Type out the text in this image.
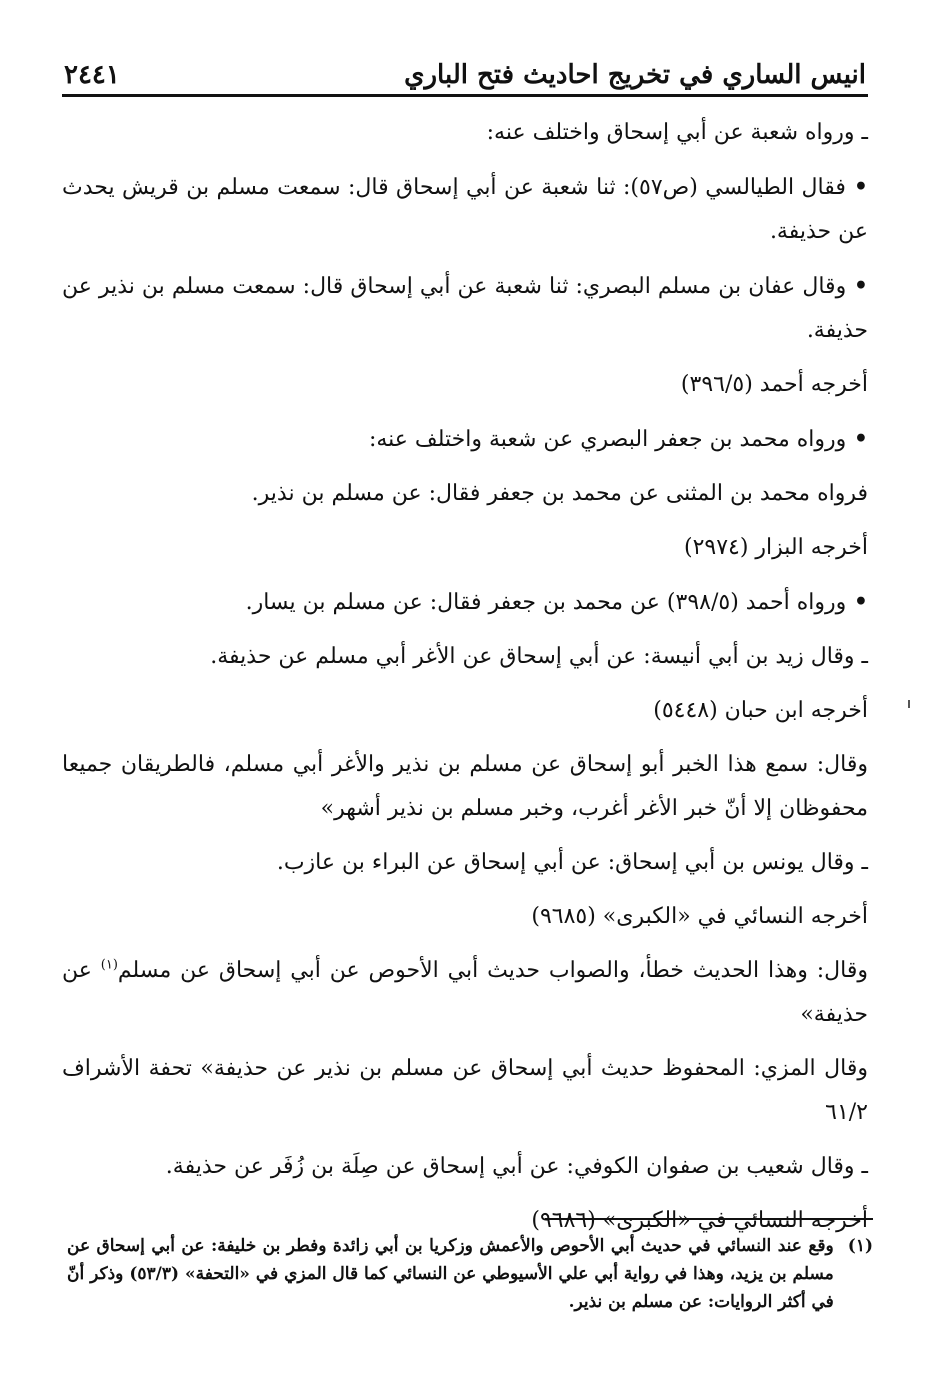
انيس الساري في تخريج احاديث فتح الباري
٢٤٤١

ـ ورواه شعبة عن أبي إسحاق واختلف عنه:

• فقال الطيالسي (ص٥٧): ثنا شعبة عن أبي إسحاق قال: سمعت مسلم بن قريش يحدث عن حذيفة.

• وقال عفان بن مسلم البصري: ثنا شعبة عن أبي إسحاق قال: سمعت مسلم بن نذير عن حذيفة.

أخرجه أحمد (٣٩٦/٥)

• ورواه محمد بن جعفر البصري عن شعبة واختلف عنه:

فرواه محمد بن المثنى عن محمد بن جعفر فقال: عن مسلم بن نذير.

أخرجه البزار (٢٩٧٤)

• ورواه أحمد (٣٩٨/٥) عن محمد بن جعفر فقال: عن مسلم بن يسار.

ـ وقال زيد بن أبي أنيسة: عن أبي إسحاق عن الأغر أبي مسلم عن حذيفة.

أخرجه ابن حبان (٥٤٤٨)

وقال: سمع هذا الخبر أبو إسحاق عن مسلم بن نذير والأغر أبي مسلم، فالطريقان جميعا محفوظان إلا أنّ خبر الأغر أغرب، وخبر مسلم بن نذير أشهر»

ـ وقال يونس بن أبي إسحاق: عن أبي إسحاق عن البراء بن عازب.

أخرجه النسائي في «الكبرى» (٩٦٨٥)

وقال: وهذا الحديث خطأ، والصواب حديث أبي الأحوص عن أبي إسحاق عن مسلم$^{(١)}$ عن حذيفة»

وقال المزي: المحفوظ حديث أبي إسحاق عن مسلم بن نذير عن حذيفة» تحفة الأشراف ٦١/٢

ـ وقال شعيب بن صفوان الكوفي: عن أبي إسحاق عن صِلَة بن زُفَر عن حذيفة.

أخرجه النسائي في «الكبرى» (٩٦٨٦)

(١)
وقع عند النسائي في حديث أبي الأحوص والأعمش وزكريا بن أبي زائدة وفطر بن خليفة: عن أبي إسحاق عن مسلم بن يزيد، وهذا في رواية أبي علي الأسيوطي عن النسائي كما قال المزي في «التحفة» (٥٣/٣) وذكر أنّ في أكثر الروايات: عن مسلم بن نذير.
